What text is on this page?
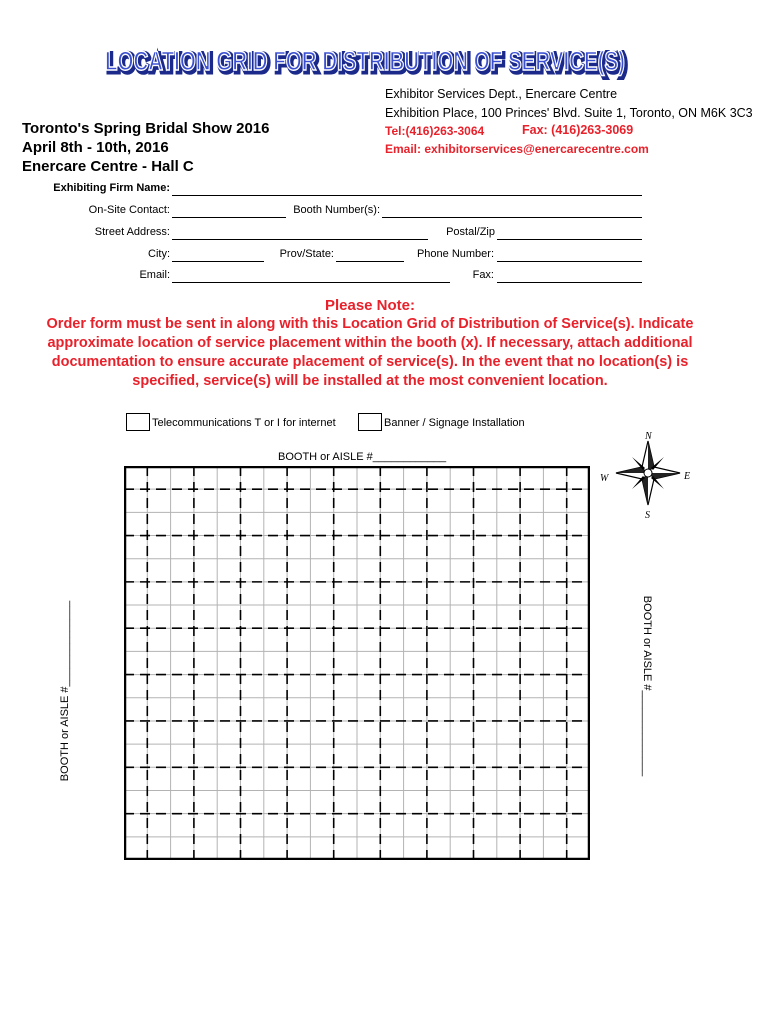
LOCATION GRID FOR DISTRIBUTION OF SERVICE(S)
LOCATION GRID FOR DISTRIBUTION OF SERVICE(S)
Exhibitor Services Dept., Enercare Centre
Exhibition Place, 100 Princes' Blvd. Suite 1, Toronto, ON M6K 3C3
Tel:(416)263-3064	Fax: (416)263-3069
Email: exhibitorservices@enercarecentre.com
Toronto's Spring Bridal Show 2016
April 8th - 10th, 2016
Enercare Centre - Hall C
Exhibiting Firm Name:
On-Site Contact:	Booth Number(s):
Street Address:	Postal/Zip
City:	Prov/State:	Phone Number:
Email:	Fax:
Please Note:
Order form must be sent in along with this Location Grid of Distribution of Service(s). Indicate approximate location of service placement within the booth (x). If necessary, attach additional documentation to ensure accurate placement of service(s). In the event that no location(s) is specified, service(s) will be installed at the most convenient location.
Telecommunications T or I for internet	Banner / Signage Installation
BOOTH or AISLE #____________
BOOTH or AISLE #______________	BOOTH or AISLE #______________
N
S
E
W
